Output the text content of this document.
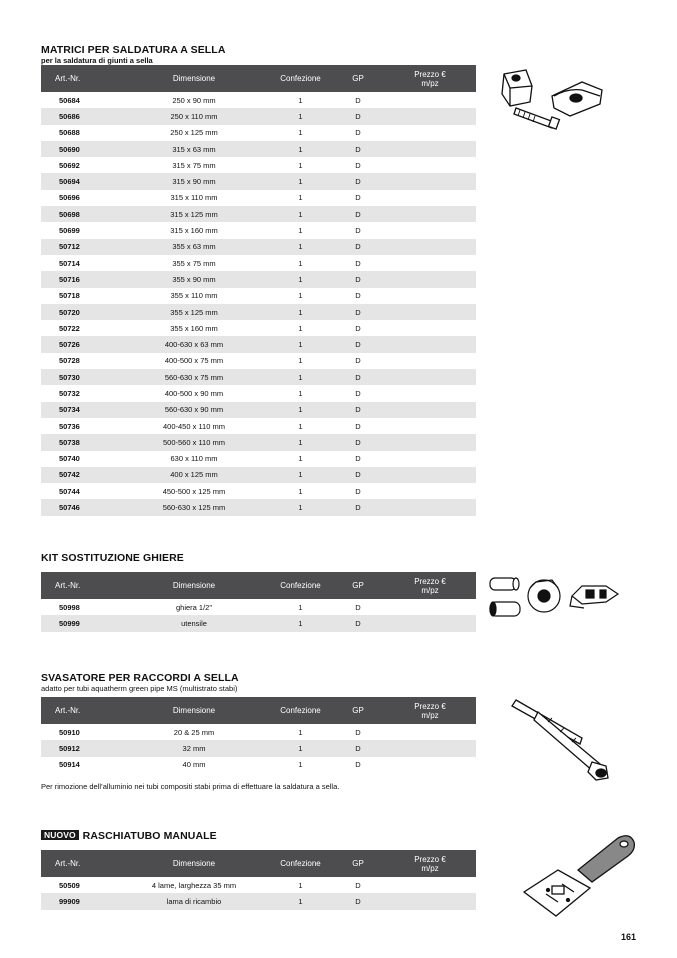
MATRICI PER SALDATURA A SELLA
per la saldatura di giunti a sella
Art.-Nr.	Dimensione	Confezione	GP	Prezzo €
m/pz
50684	250 x 90 mm	1	D	
50686	250 x 110 mm	1	D	
50688	250 x 125 mm	1	D	
50690	315 x 63 mm	1	D	
50692	315 x 75 mm	1	D	
50694	315 x 90 mm	1	D	
50696	315 x 110 mm	1	D	
50698	315 x 125 mm	1	D	
50699	315 x 160 mm	1	D	
50712	355 x 63 mm	1	D	
50714	355 x 75 mm	1	D	
50716	355 x 90 mm	1	D	
50718	355 x 110 mm	1	D	
50720	355 x 125 mm	1	D	
50722	355 x 160 mm	1	D	
50726	400-630 x 63 mm	1	D	
50728	400-500 x 75 mm	1	D	
50730	560-630 x 75 mm	1	D	
50732	400-500 x 90 mm	1	D	
50734	560-630 x 90 mm	1	D	
50736	400-450 x 110 mm	1	D	
50738	500-560 x 110 mm	1	D	
50740	630 x 110 mm	1	D	
50742	400 x 125 mm	1	D	
50744	450-500 x 125 mm	1	D	
50746	560-630 x 125 mm	1	D	
KIT SOSTITUZIONE GHIERE
Art.-Nr.	Dimensione	Confezione	GP	Prezzo €
m/pz
50998	ghiera 1/2"	1	D	
50999	utensile	1	D	
SVASATORE PER RACCORDI A SELLA
adatto per tubi aquatherm green pipe MS (multistrato stabi)
Art.-Nr.	Dimensione	Confezione	GP	Prezzo €
m/pz
50910	20 & 25 mm	1	D	
50912	32 mm	1	D	
50914	40 mm	1	D	
Per rimozione dell’alluminio nei tubi compositi stabi prima di effettuare la saldatura a sella.
NUOVO RASCHIATUBO MANUALE
Art.-Nr.	Dimensione	Confezione	GP	Prezzo €
m/pz
50509	4 lame, larghezza 35 mm	1	D	
99909	lama di ricambio	1	D	
161
